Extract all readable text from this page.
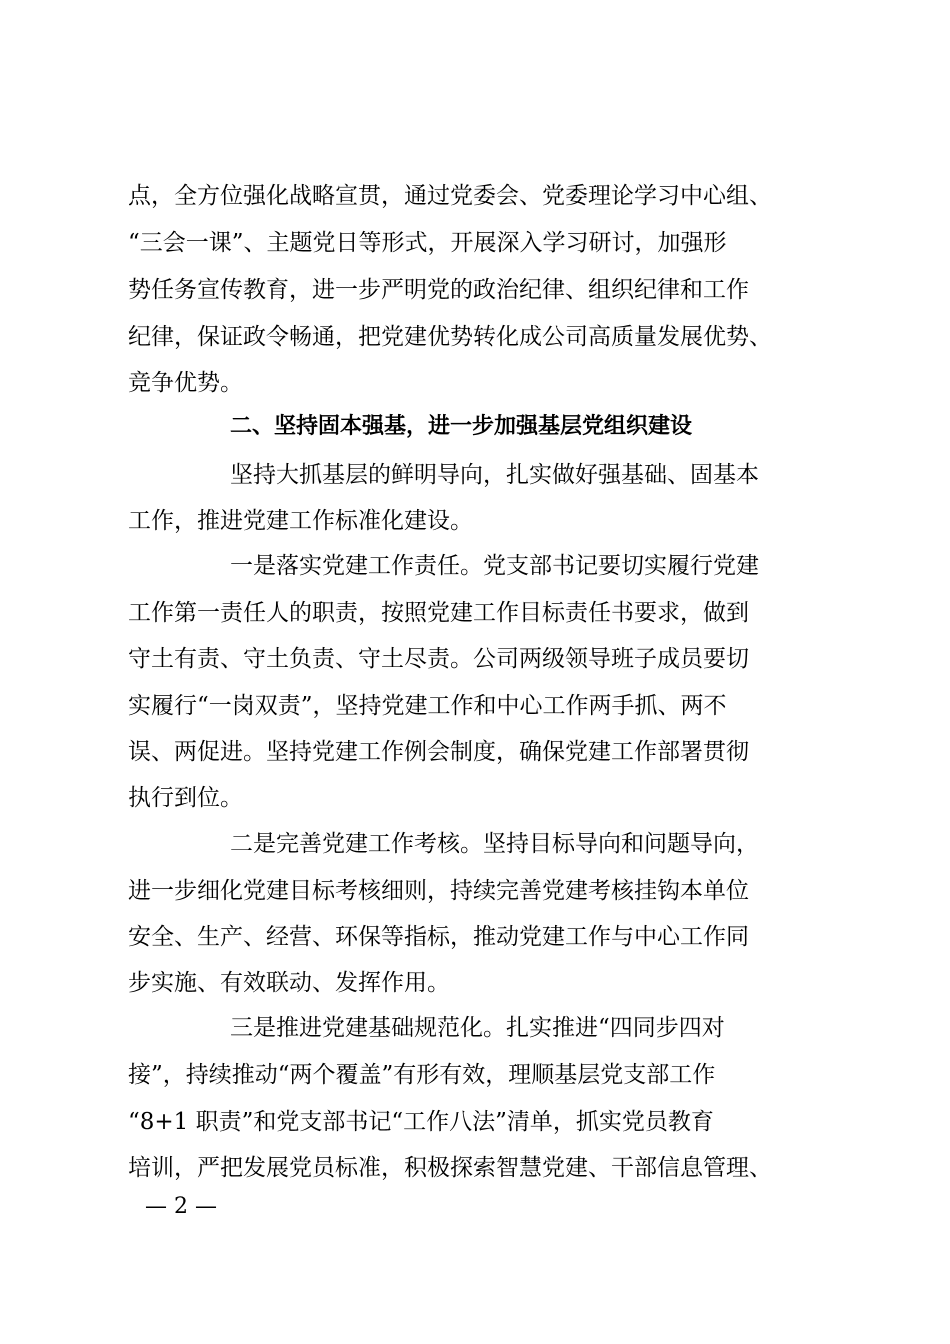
点，全方位强化战略宣贯，通过党委会、党委理论学习中心组、

“三会一课”、主题党日等形式，开展深入学习研讨，加强形

势任务宣传教育，进一步严明党的政治纪律、组织纪律和工作

纪律，保证政令畅通，把党建优势转化成公司高质量发展优势、

竞争优势。

二、坚持固本强基，进一步加强基层党组织建设

坚持大抓基层的鲜明导向，扎实做好强基础、固基本

工作，推进党建工作标准化建设。

一是落实党建工作责任。党支部书记要切实履行党建

工作第一责任人的职责，按照党建工作目标责任书要求，做到

守土有责、守土负责、守土尽责。公司两级领导班子成员要切

实履行“一岗双责”，坚持党建工作和中心工作两手抓、两不

误、两促进。坚持党建工作例会制度，确保党建工作部署贯彻

执行到位。

二是完善党建工作考核。坚持目标导向和问题导向，

进一步细化党建目标考核细则，持续完善党建考核挂钩本单位

安全、生产、经营、环保等指标，推动党建工作与中心工作同

步实施、有效联动、发挥作用。

三是推进党建基础规范化。扎实推进“四同步四对

接”，持续推动“两个覆盖”有形有效，理顺基层党支部工作

“8+1 职责”和党支部书记“工作八法”清单，抓实党员教育

培训，严把发展党员标准，积极探索智慧党建、干部信息管理、

— 2 —
